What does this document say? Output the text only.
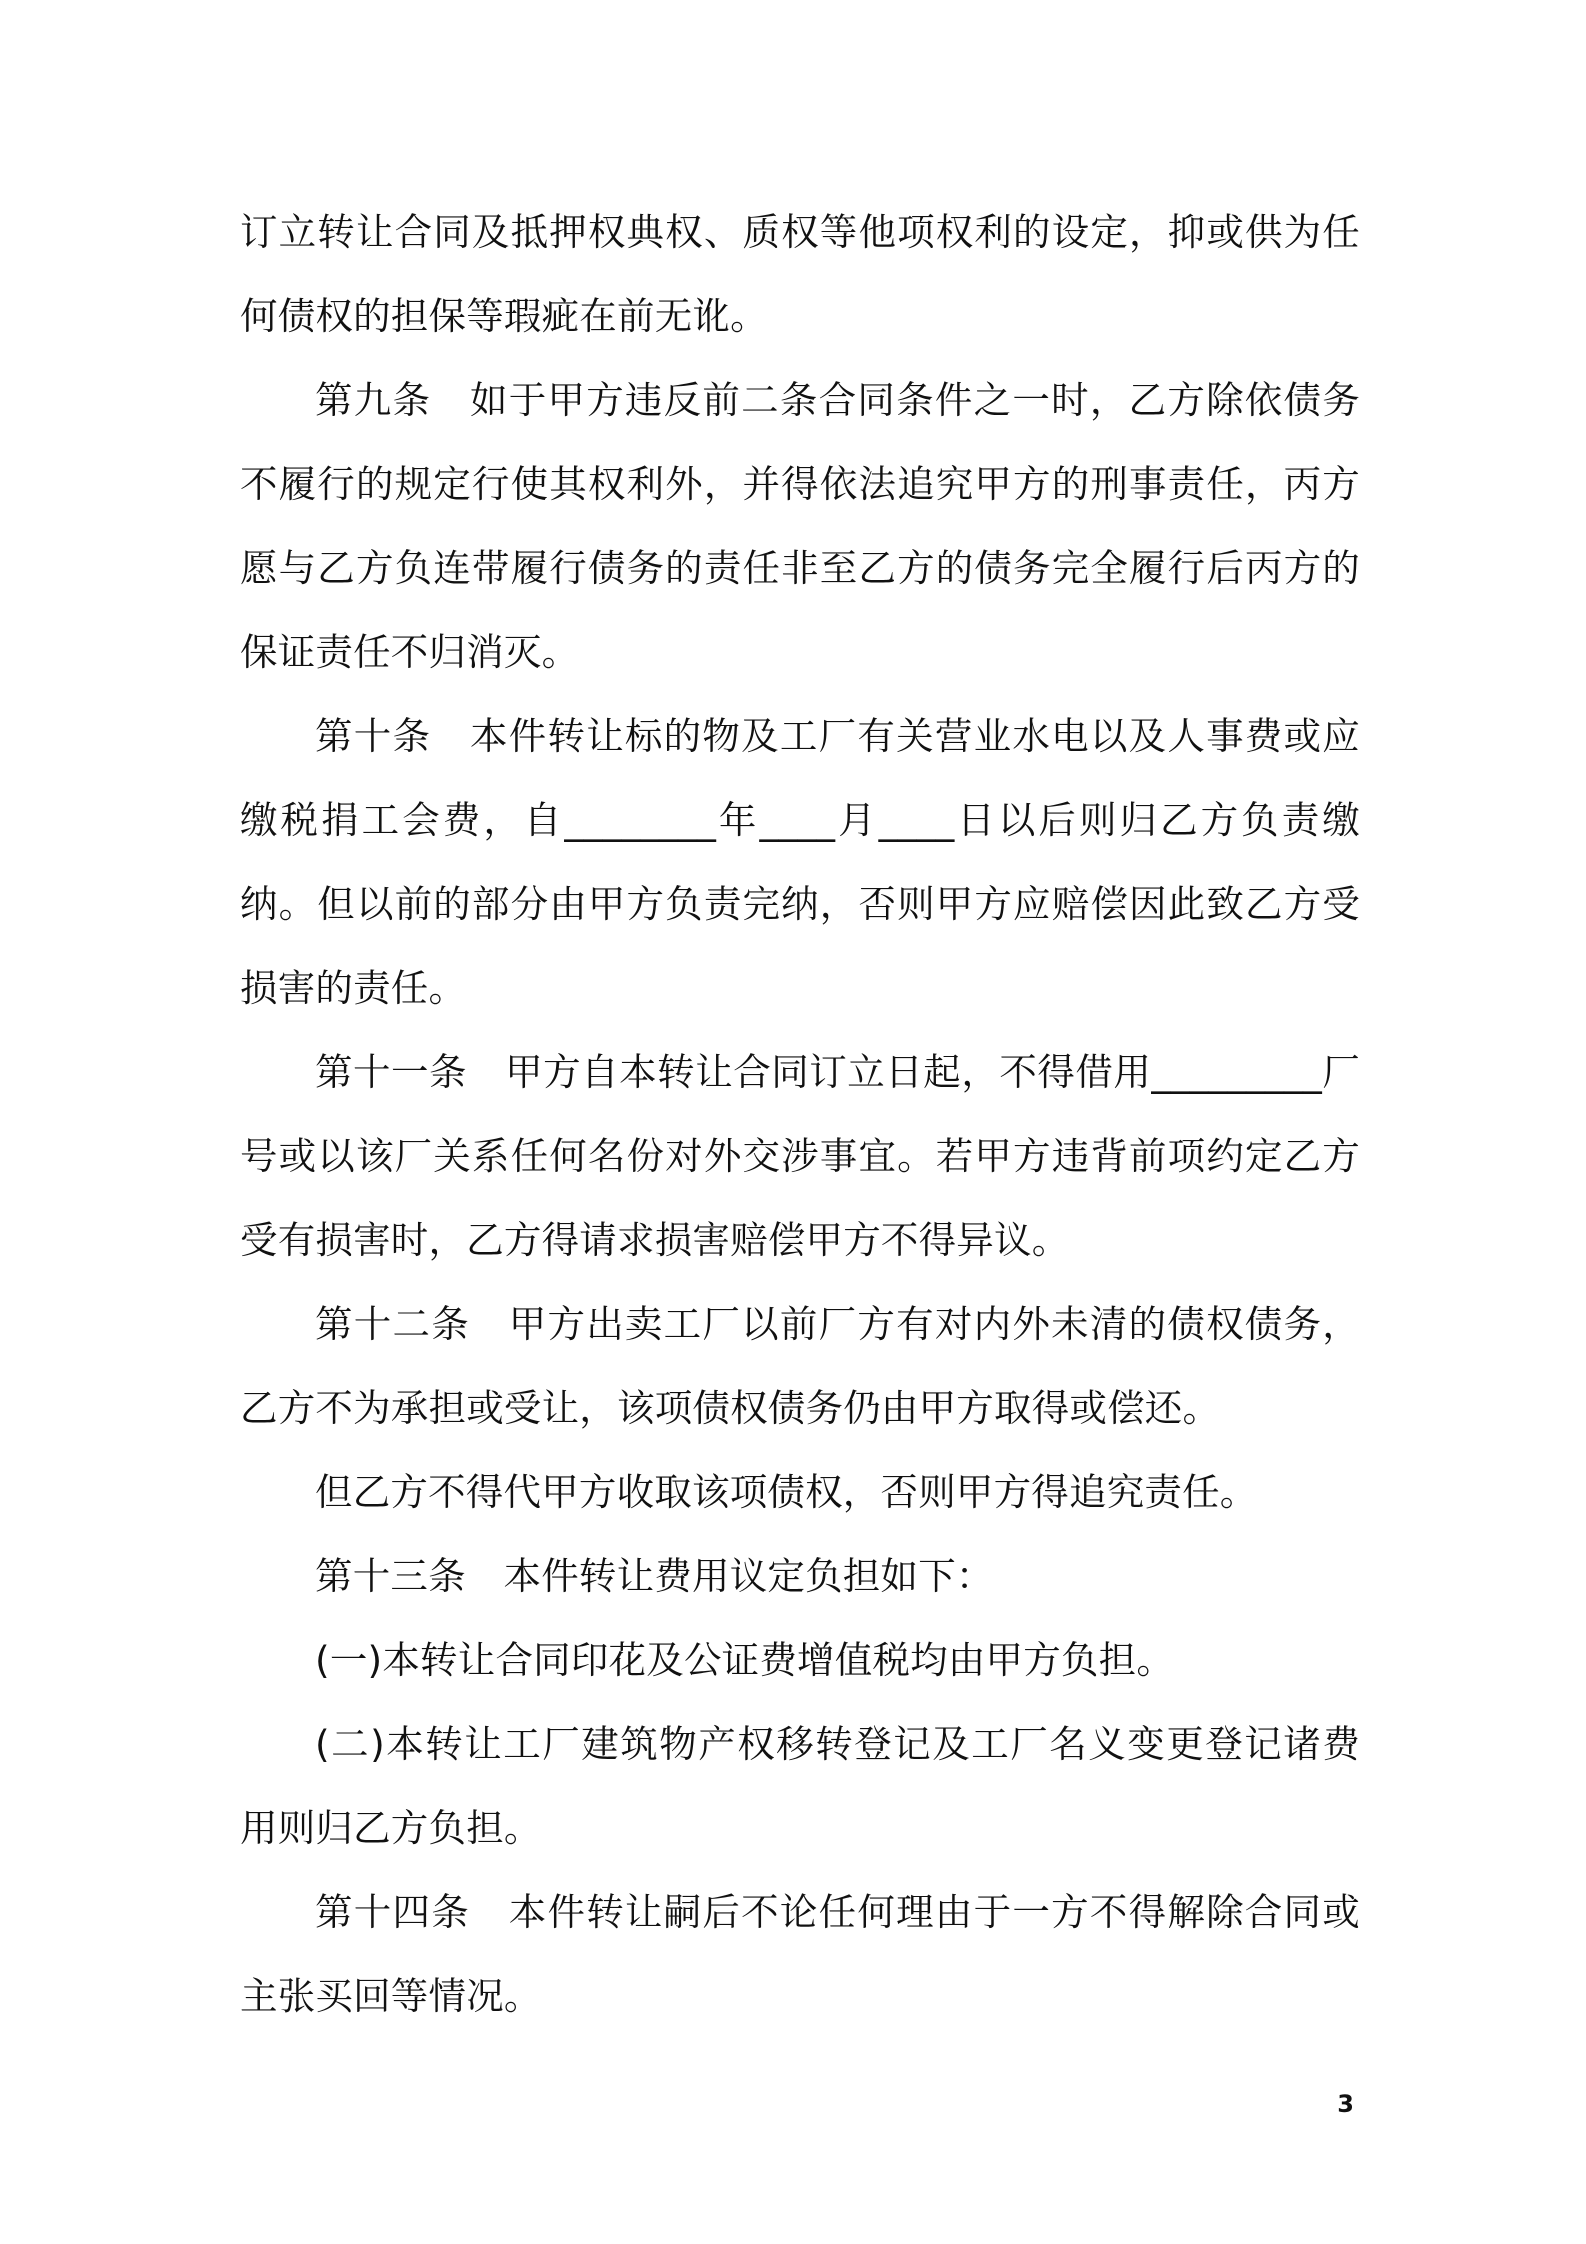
订立转让合同及抵押权典权、质权等他项权利的设定，抑或供为任何债权的担保等瑕疵在前无讹。

第九条　如于甲方违反前二条合同条件之一时，乙方除依债务不履行的规定行使其权利外，并得依法追究甲方的刑事责任，丙方愿与乙方负连带履行债务的责任非至乙方的债务完全履行后丙方的保证责任不归消灭。

第十条　本件转让标的物及工厂有关营业水电以及人事费或应缴税捐工会费，自________年____月____日以后则归乙方负责缴纳。但以前的部分由甲方负责完纳，否则甲方应赔偿因此致乙方受损害的责任。

第十一条　甲方自本转让合同订立日起，不得借用_________厂号或以该厂关系任何名份对外交涉事宜。若甲方违背前项约定乙方受有损害时，乙方得请求损害赔偿甲方不得异议。

第十二条　甲方出卖工厂以前厂方有对内外未清的债权债务，乙方不为承担或受让，该项债权债务仍由甲方取得或偿还。

但乙方不得代甲方收取该项债权，否则甲方得追究责任。

第十三条　本件转让费用议定负担如下：

(一)本转让合同印花及公证费增值税均由甲方负担。

(二)本转让工厂建筑物产权移转登记及工厂名义变更登记诸费用则归乙方负担。

第十四条　本件转让嗣后不论任何理由于一方不得解除合同或主张买回等情况。

3
